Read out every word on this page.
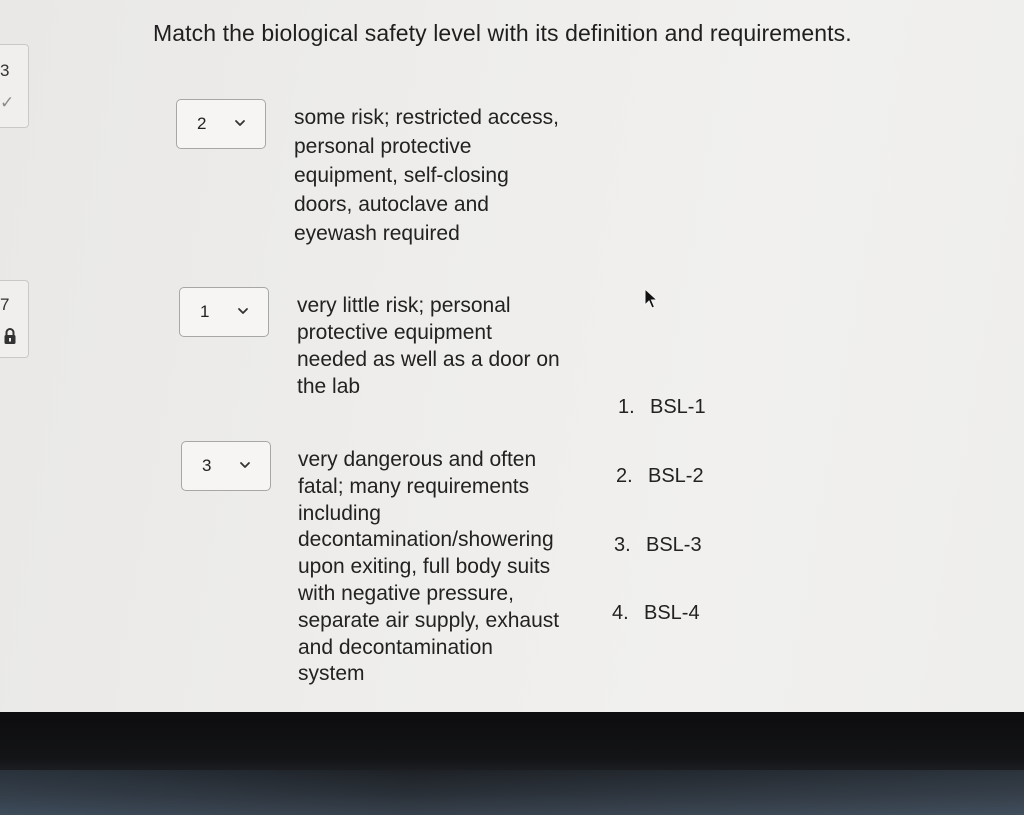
Match the biological safety level with its definition and requirements.
3
✓
7
2	some risk; restricted access,
personal protective
equipment, self-closing
doors, autoclave and
eyewash required
1	very little risk; personal
protective equipment
needed as well as a door on
the lab
3	very dangerous and often
fatal; many requirements
including
decontamination/showering
upon exiting, full body suits
with negative pressure,
separate air supply, exhaust
and decontamination
system
1. BSL-1
2. BSL-2
3. BSL-3
4. BSL-4
